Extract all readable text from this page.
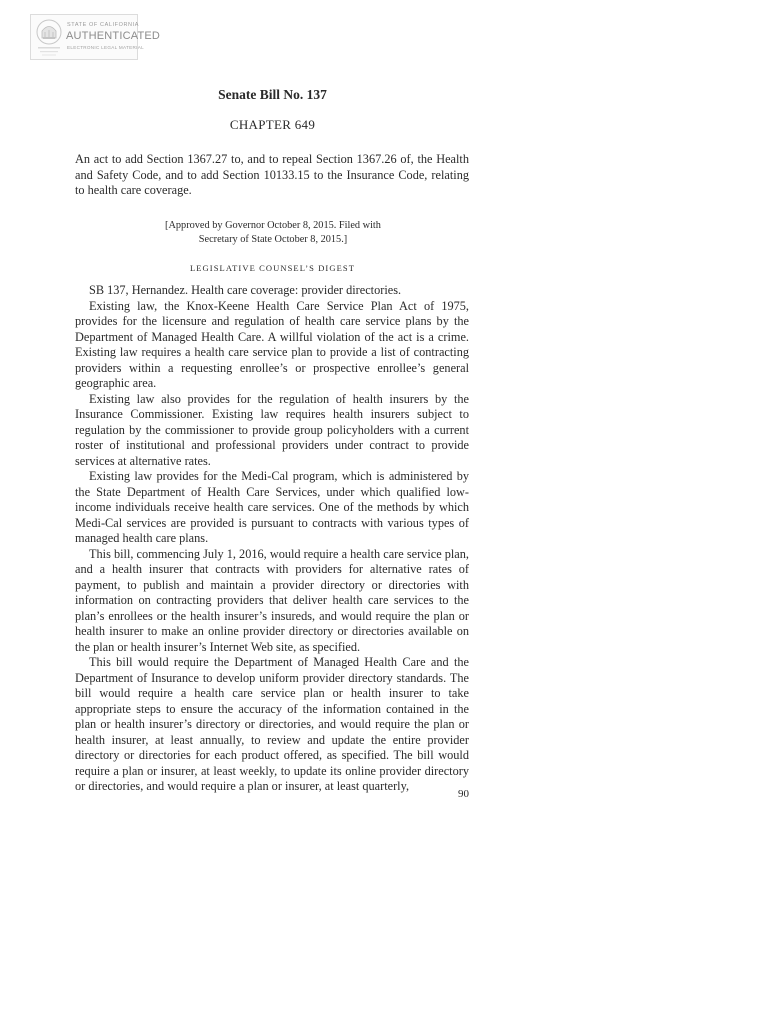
STATE OF CALIFORNIA
AUTHENTICATED
ELECTRONIC LEGAL MATERIAL
Senate Bill No. 137
CHAPTER 649

An act to add Section 1367.27 to, and to repeal Section 1367.26 of, the Health and Safety Code, and to add Section 10133.15 to the Insurance Code, relating to health care coverage.

[Approved by Governor October 8, 2015. Filed with
Secretary of State October 8, 2015.]
LEGISLATIVE COUNSEL’S DIGEST

SB 137, Hernandez. Health care coverage: provider directories.

Existing law, the Knox-Keene Health Care Service Plan Act of 1975, provides for the licensure and regulation of health care service plans by the Department of Managed Health Care. A willful violation of the act is a crime. Existing law requires a health care service plan to provide a list of contracting providers within a requesting enrollee’s or prospective enrollee’s general geographic area.

Existing law also provides for the regulation of health insurers by the Insurance Commissioner. Existing law requires health insurers subject to regulation by the commissioner to provide group policyholders with a current roster of institutional and professional providers under contract to provide services at alternative rates.

Existing law provides for the Medi-Cal program, which is administered by the State Department of Health Care Services, under which qualified low-income individuals receive health care services. One of the methods by which Medi-Cal services are provided is pursuant to contracts with various types of managed health care plans.

This bill, commencing July 1, 2016, would require a health care service plan, and a health insurer that contracts with providers for alternative rates of payment, to publish and maintain a provider directory or directories with information on contracting providers that deliver health care services to the plan’s enrollees or the health insurer’s insureds, and would require the plan or health insurer to make an online provider directory or directories available on the plan or health insurer’s Internet Web site, as specified.

This bill would require the Department of Managed Health Care and the Department of Insurance to develop uniform provider directory standards. The bill would require a health care service plan or health insurer to take appropriate steps to ensure the accuracy of the information contained in the plan or health insurer’s directory or directories, and would require the plan or health insurer, at least annually, to review and update the entire provider directory or directories for each product offered, as specified. The bill would require a plan or insurer, at least weekly, to update its online provider directory or directories, and would require a plan or insurer, at least quarterly,

90
